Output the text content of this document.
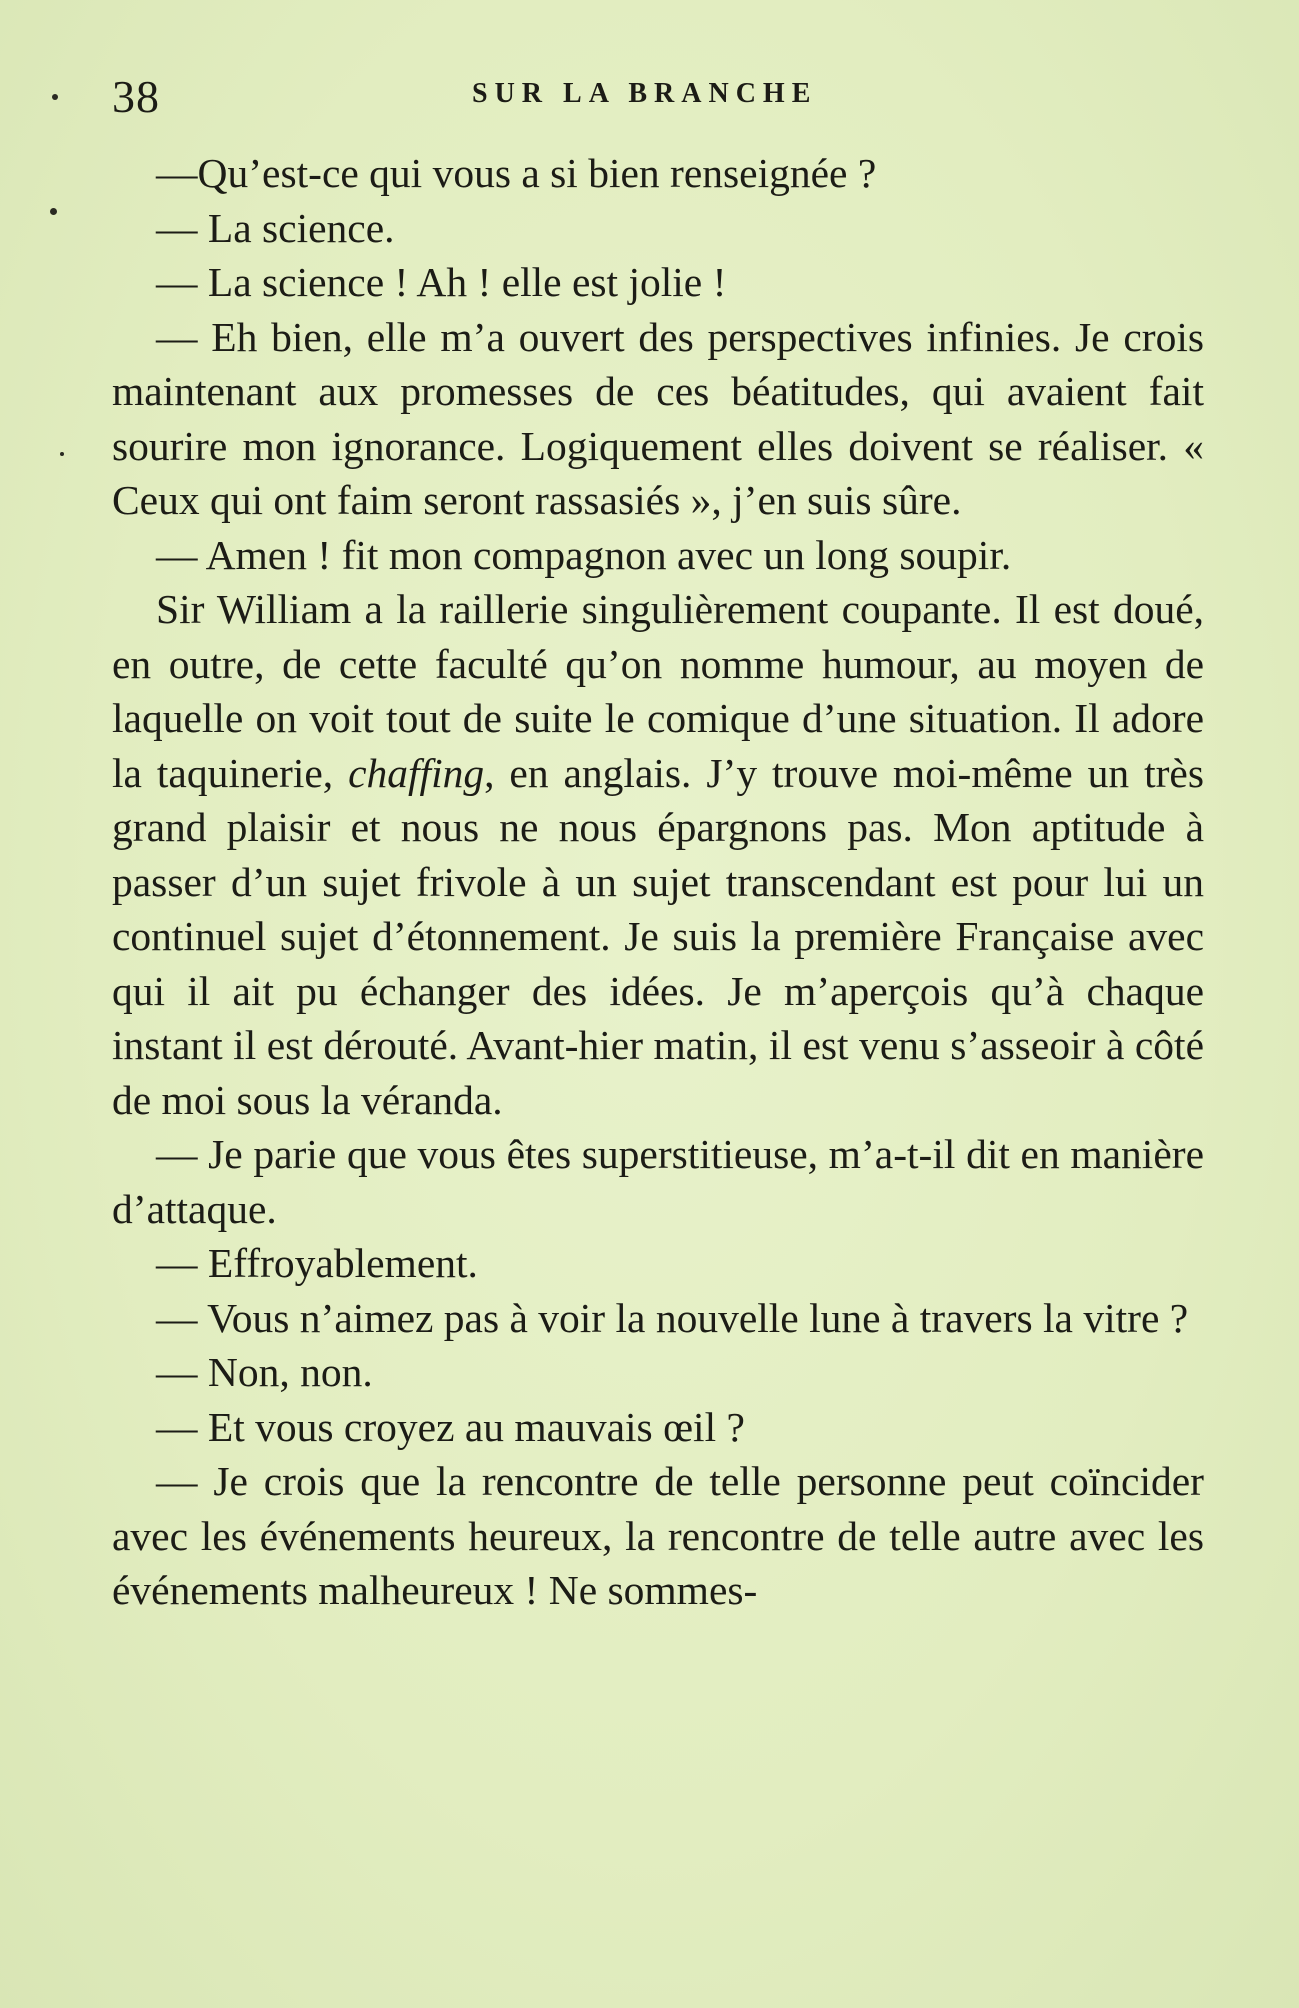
38	SUR LA BRANCHE

—Qu’est-ce qui vous a si bien renseignée ?

— La science.

— La science ! Ah ! elle est jolie !

— Eh bien, elle m’a ouvert des perspectives infinies. Je crois maintenant aux promesses de ces béatitudes, qui avaient fait sourire mon ignorance. Logiquement elles doivent se réaliser. « Ceux qui ont faim seront rassasiés », j’en suis sûre.

— Amen ! fit mon compagnon avec un long soupir.

Sir William a la raillerie singulièrement coupante. Il est doué, en outre, de cette faculté qu’on nomme humour, au moyen de laquelle on voit tout de suite le comique d’une situation. Il adore la taquinerie, chaffing, en anglais. J’y trouve moi-même un très grand plaisir et nous ne nous épargnons pas. Mon aptitude à passer d’un sujet frivole à un sujet transcendant est pour lui un continuel sujet d’étonnement. Je suis la première Française avec qui il ait pu échanger des idées. Je m’aperçois qu’à chaque instant il est dérouté. Avant-hier matin, il est venu s’asseoir à côté de moi sous la véranda.

— Je parie que vous êtes superstitieuse, m’a-t-il dit en manière d’attaque.

— Effroyablement.

— Vous n’aimez pas à voir la nouvelle lune à travers la vitre ?

— Non, non.

— Et vous croyez au mauvais œil ?

— Je crois que la rencontre de telle personne peut coïncider avec les événements heureux, la rencontre de telle autre avec les événements malheureux ! Ne sommes-
